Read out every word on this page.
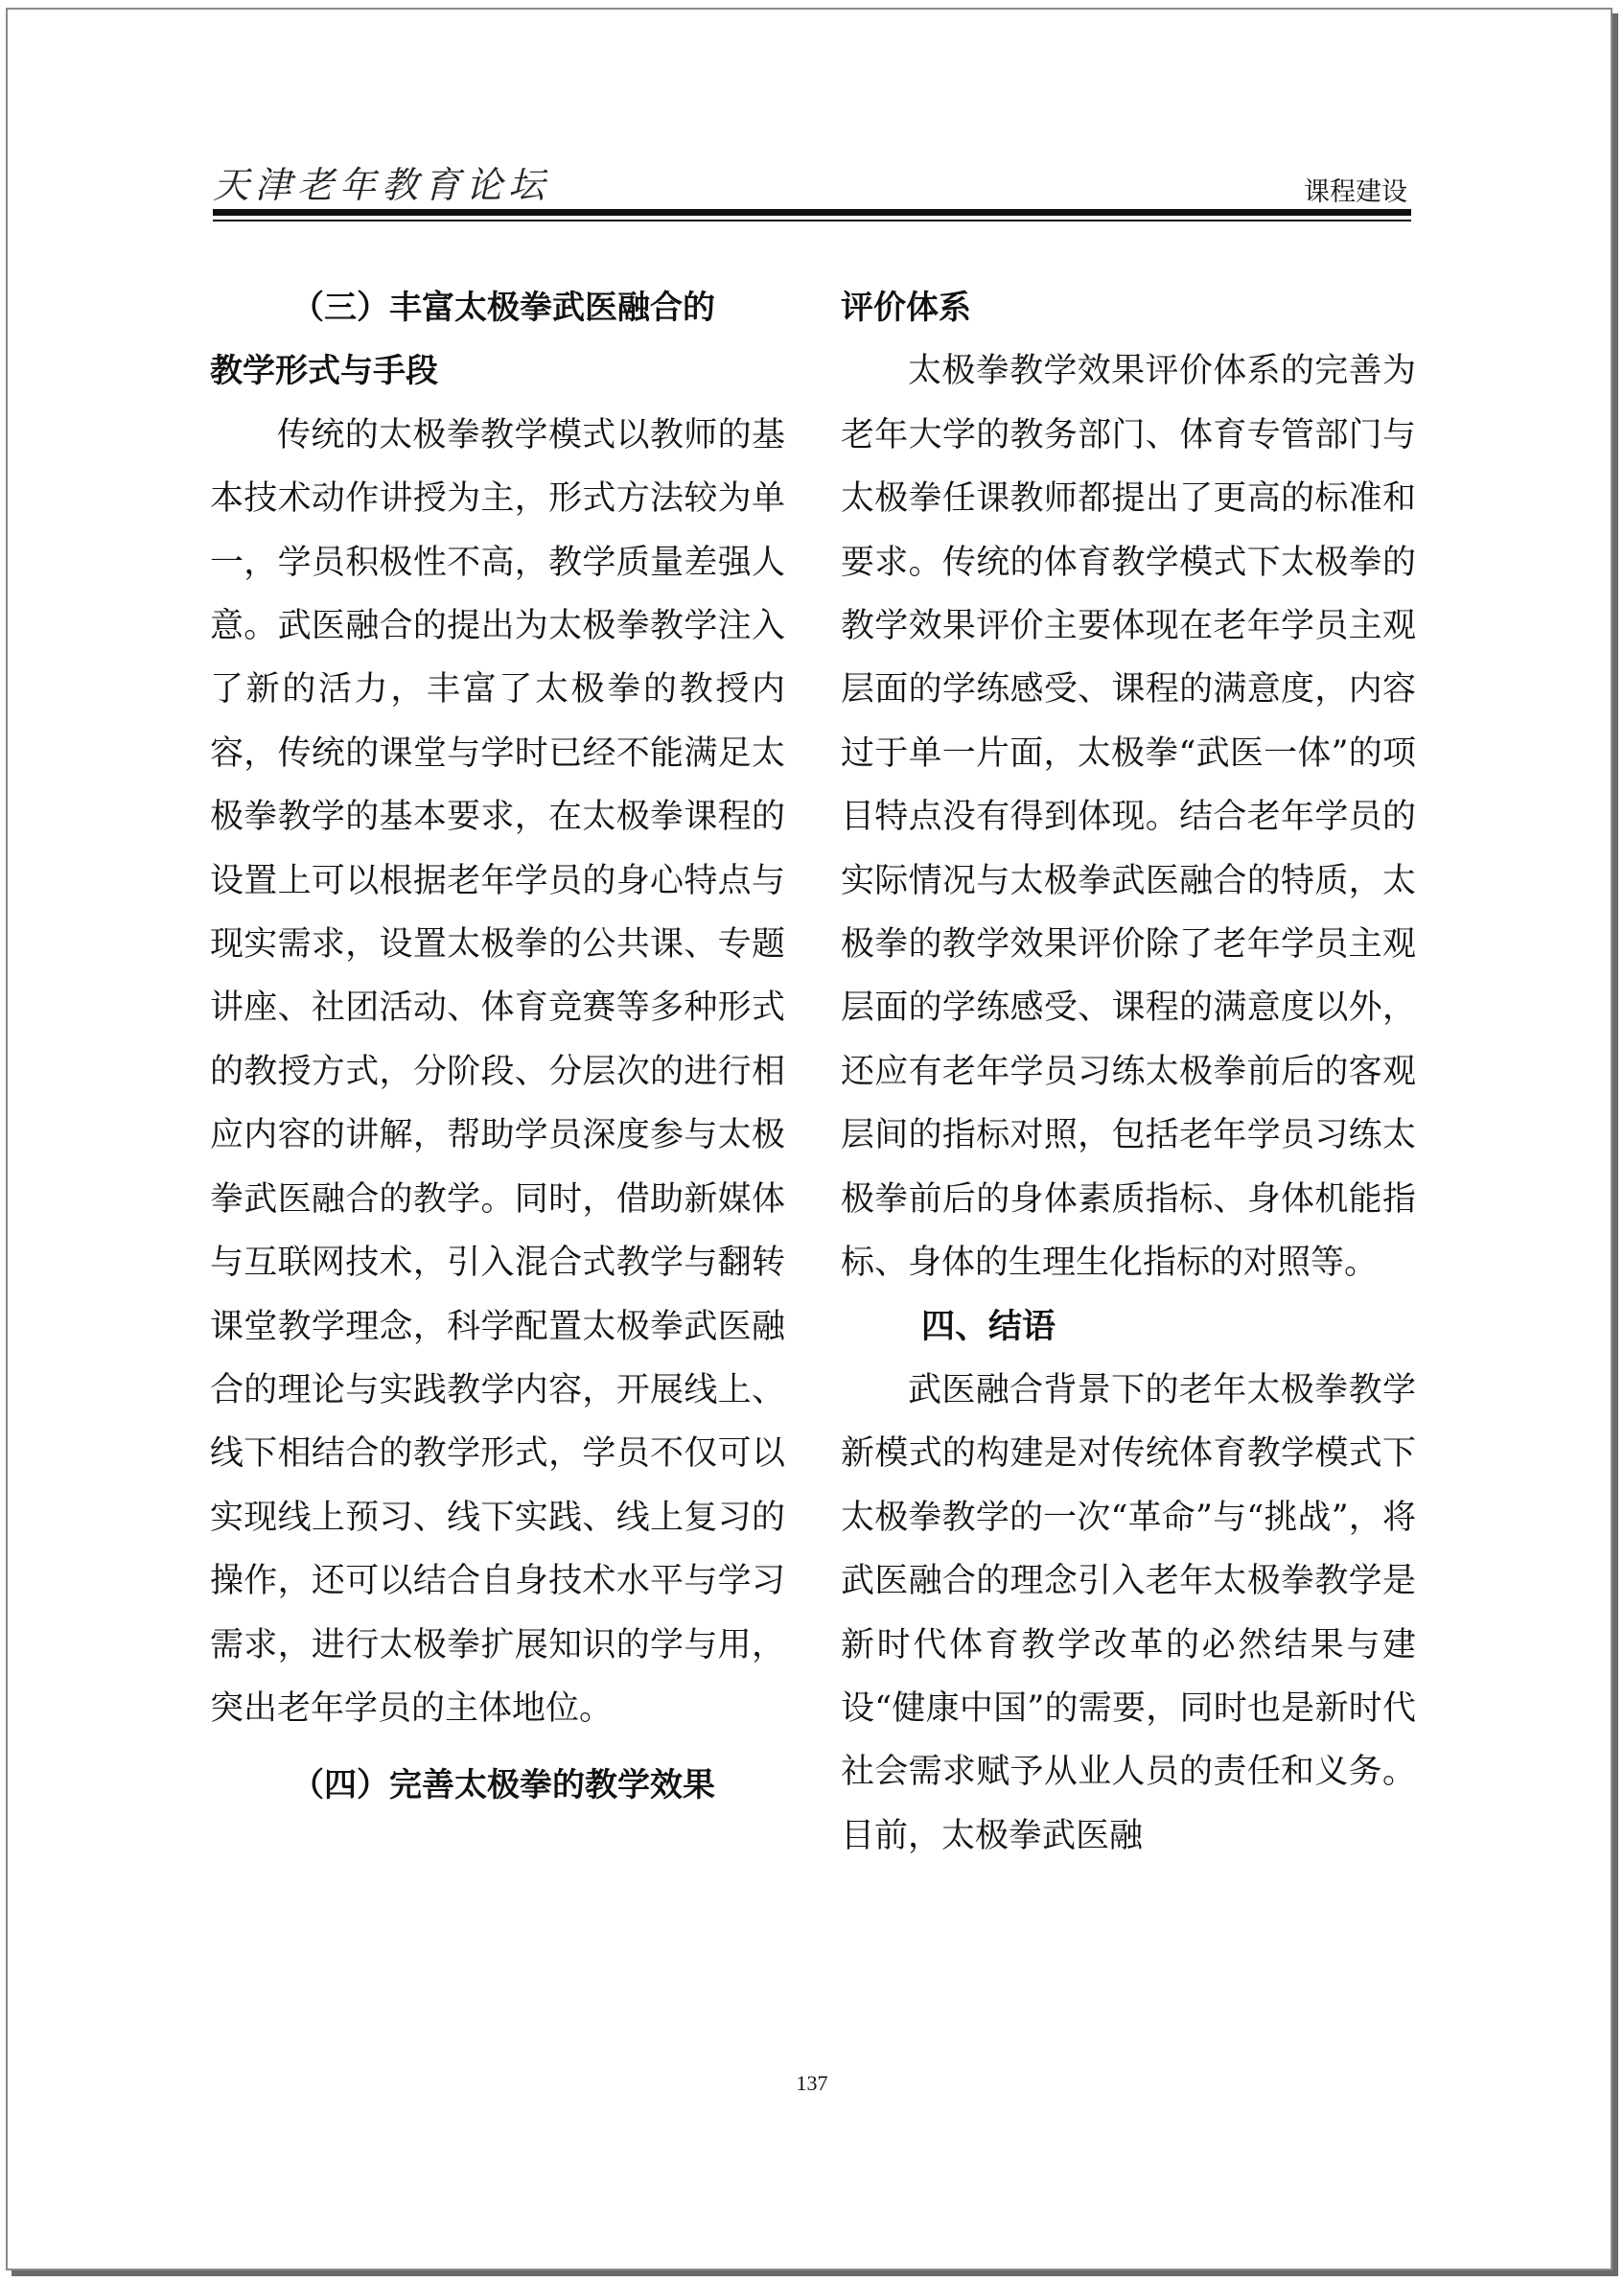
天津老年教育论坛	课程建设
（三）丰富太极拳武医融合的
教学形式与手段

传统的太极拳教学模式以教师的基本技术动作讲授为主，形式方法较为单一，学员积极性不高，教学质量差强人意。武医融合的提出为太极拳教学注入了新的活力，丰富了太极拳的教授内容，传统的课堂与学时已经不能满足太极拳教学的基本要求，在太极拳课程的设置上可以根据老年学员的身心特点与现实需求，设置太极拳的公共课、专题讲座、社团活动、体育竞赛等多种形式的教授方式，分阶段、分层次的进行相应内容的讲解，帮助学员深度参与太极拳武医融合的教学。同时，借助新媒体与互联网技术，引入混合式教学与翻转课堂教学理念，科学配置太极拳武医融合的理论与实践教学内容，开展线上、线下相结合的教学形式，学员不仅可以实现线上预习、线下实践、线上复习的操作，还可以结合自身技术水平与学习需求，进行太极拳扩展知识的学与用，突出老年学员的主体地位。

（四）完善太极拳的教学效果
评价体系

太极拳教学效果评价体系的完善为老年大学的教务部门、体育专管部门与太极拳任课教师都提出了更高的标准和要求。传统的体育教学模式下太极拳的教学效果评价主要体现在老年学员主观层面的学练感受、课程的满意度，内容过于单一片面，太极拳“武医一体”的项目特点没有得到体现。结合老年学员的实际情况与太极拳武医融合的特质，太极拳的教学效果评价除了老年学员主观层面的学练感受、课程的满意度以外，还应有老年学员习练太极拳前后的客观层间的指标对照，包括老年学员习练太极拳前后的身体素质指标、身体机能指标、身体的生理生化指标的对照等。

四、结语

武医融合背景下的老年太极拳教学新模式的构建是对传统体育教学模式下太极拳教学的一次“革命”与“挑战”，将武医融合的理念引入老年太极拳教学是新时代体育教学改革的必然结果与建设“健康中国”的需要，同时也是新时代社会需求赋予从业人员的责任和义务。目前，太极拳武医融

137
